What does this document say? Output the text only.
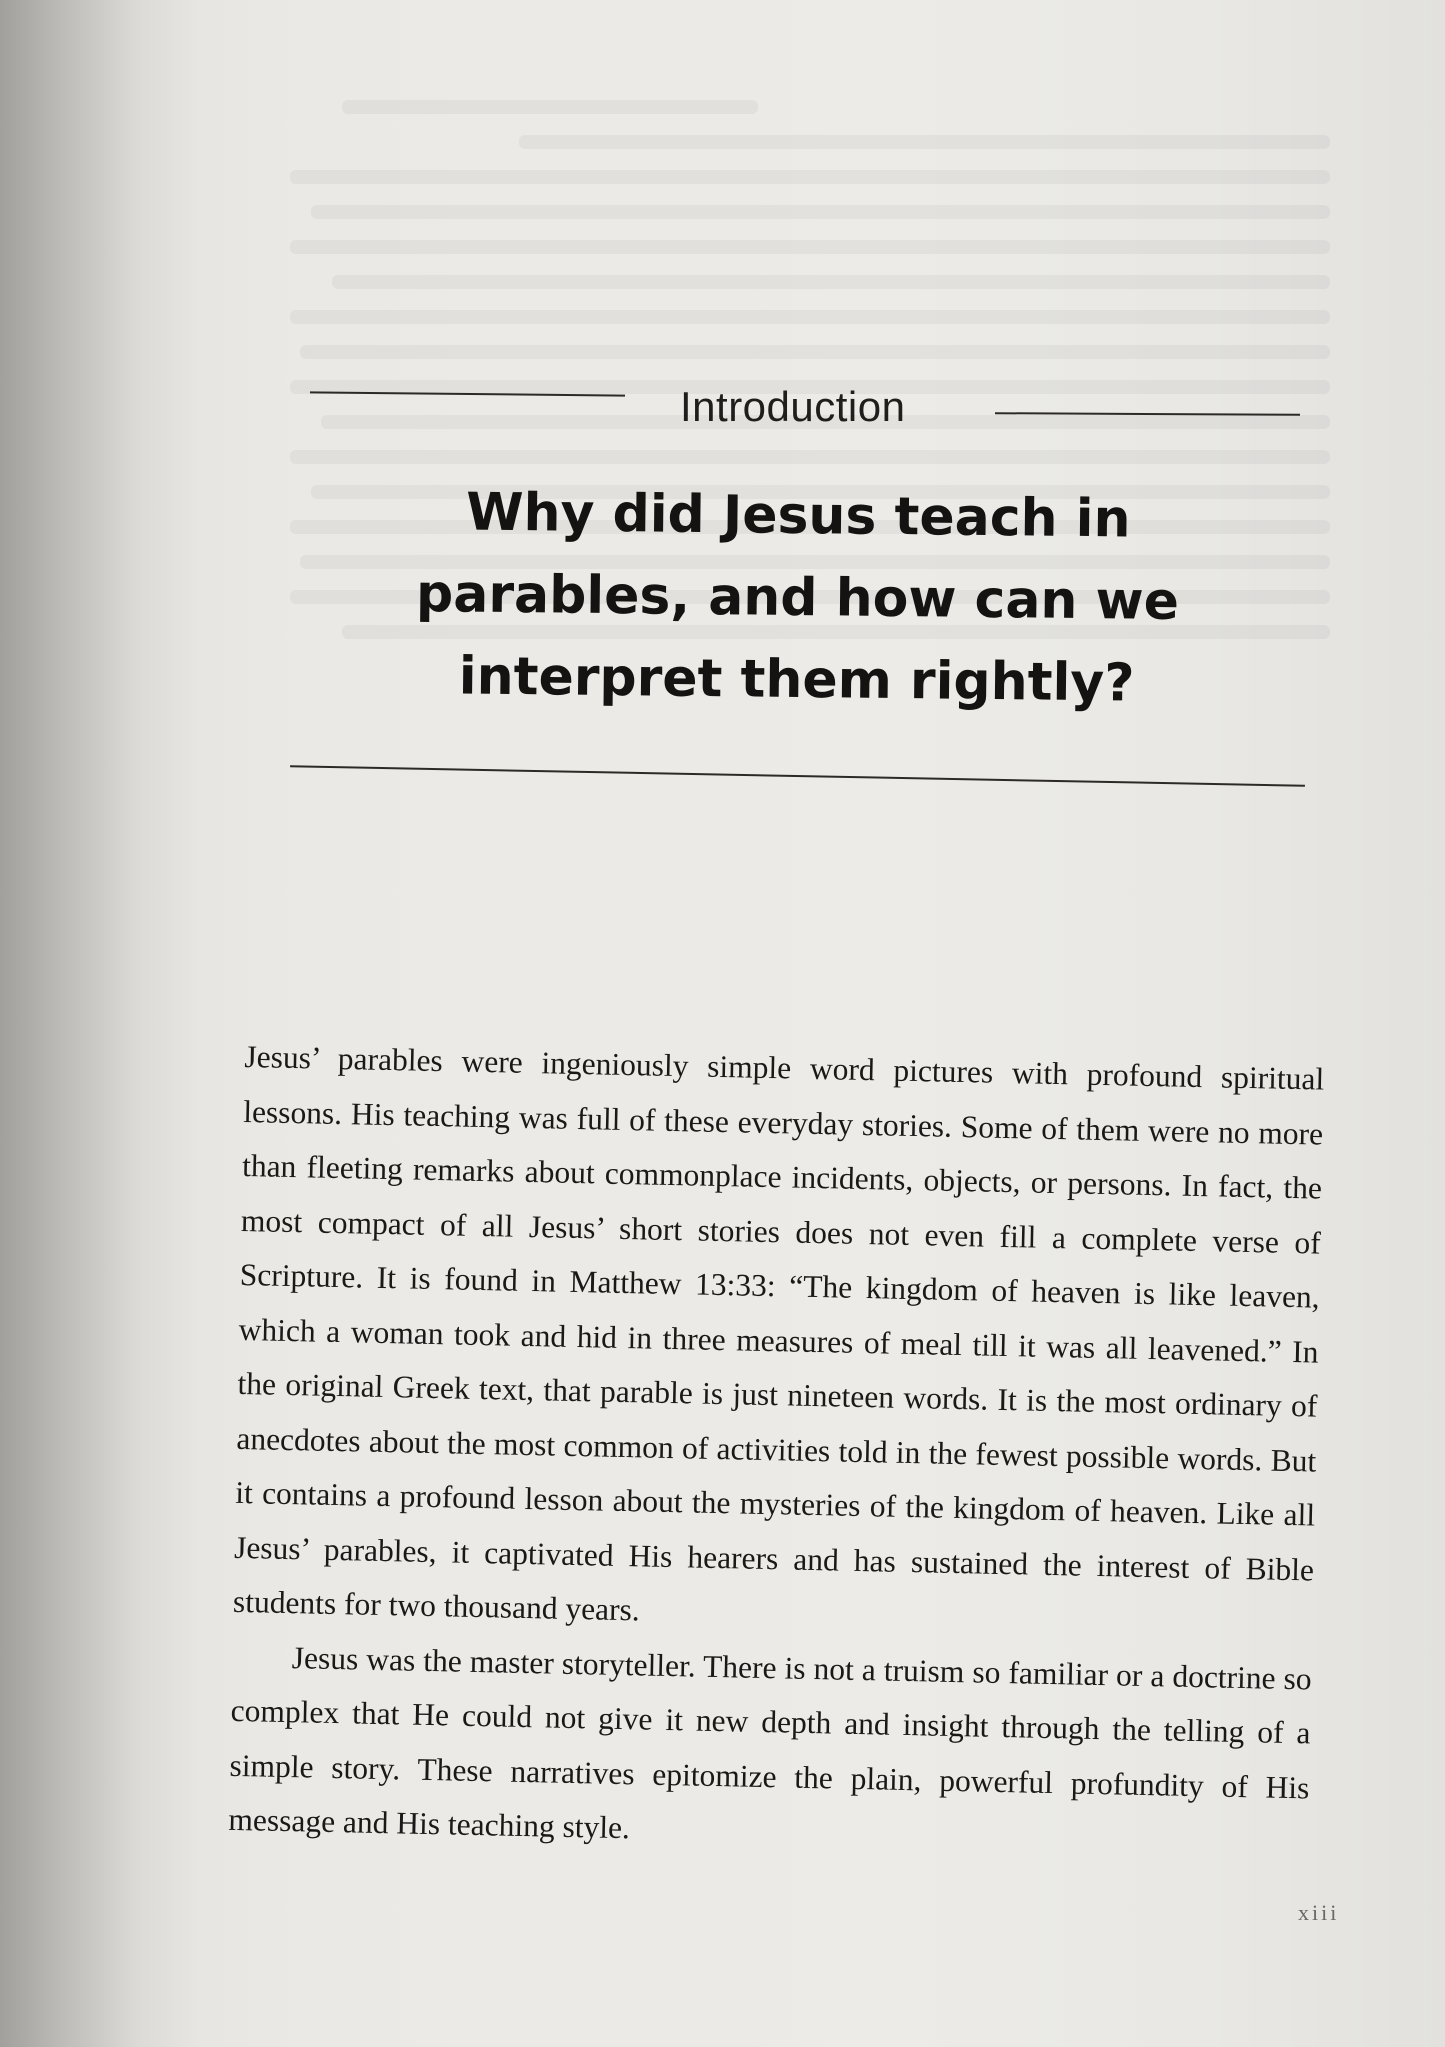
Introduction
Why did Jesus teach in
parables, and how can we
interpret them rightly?

Jesus’ parables were ingeniously simple word pictures with profound spiritual lessons. His teaching was full of these everyday stories. Some of them were no more than fleeting remarks about commonplace incidents, objects, or persons. In fact, the most compact of all Jesus’ short stories does not even fill a complete verse of Scripture. It is found in Matthew 13:33: “The kingdom of heaven is like leaven, which a woman took and hid in three measures of meal till it was all leavened.” In the original Greek text, that parable is just nineteen words. It is the most ordinary of anecdotes about the most common of activities told in the fewest possible words. But it contains a profound lesson about the mysteries of the kingdom of heaven. Like all Jesus’ parables, it captivated His hearers and has sustained the interest of Bible students for two thousand years.

Jesus was the master storyteller. There is not a truism so familiar or a doctrine so complex that He could not give it new depth and insight through the telling of a simple story. These narratives epitomize the plain, powerful profundity of His message and His teaching style.

xiii
